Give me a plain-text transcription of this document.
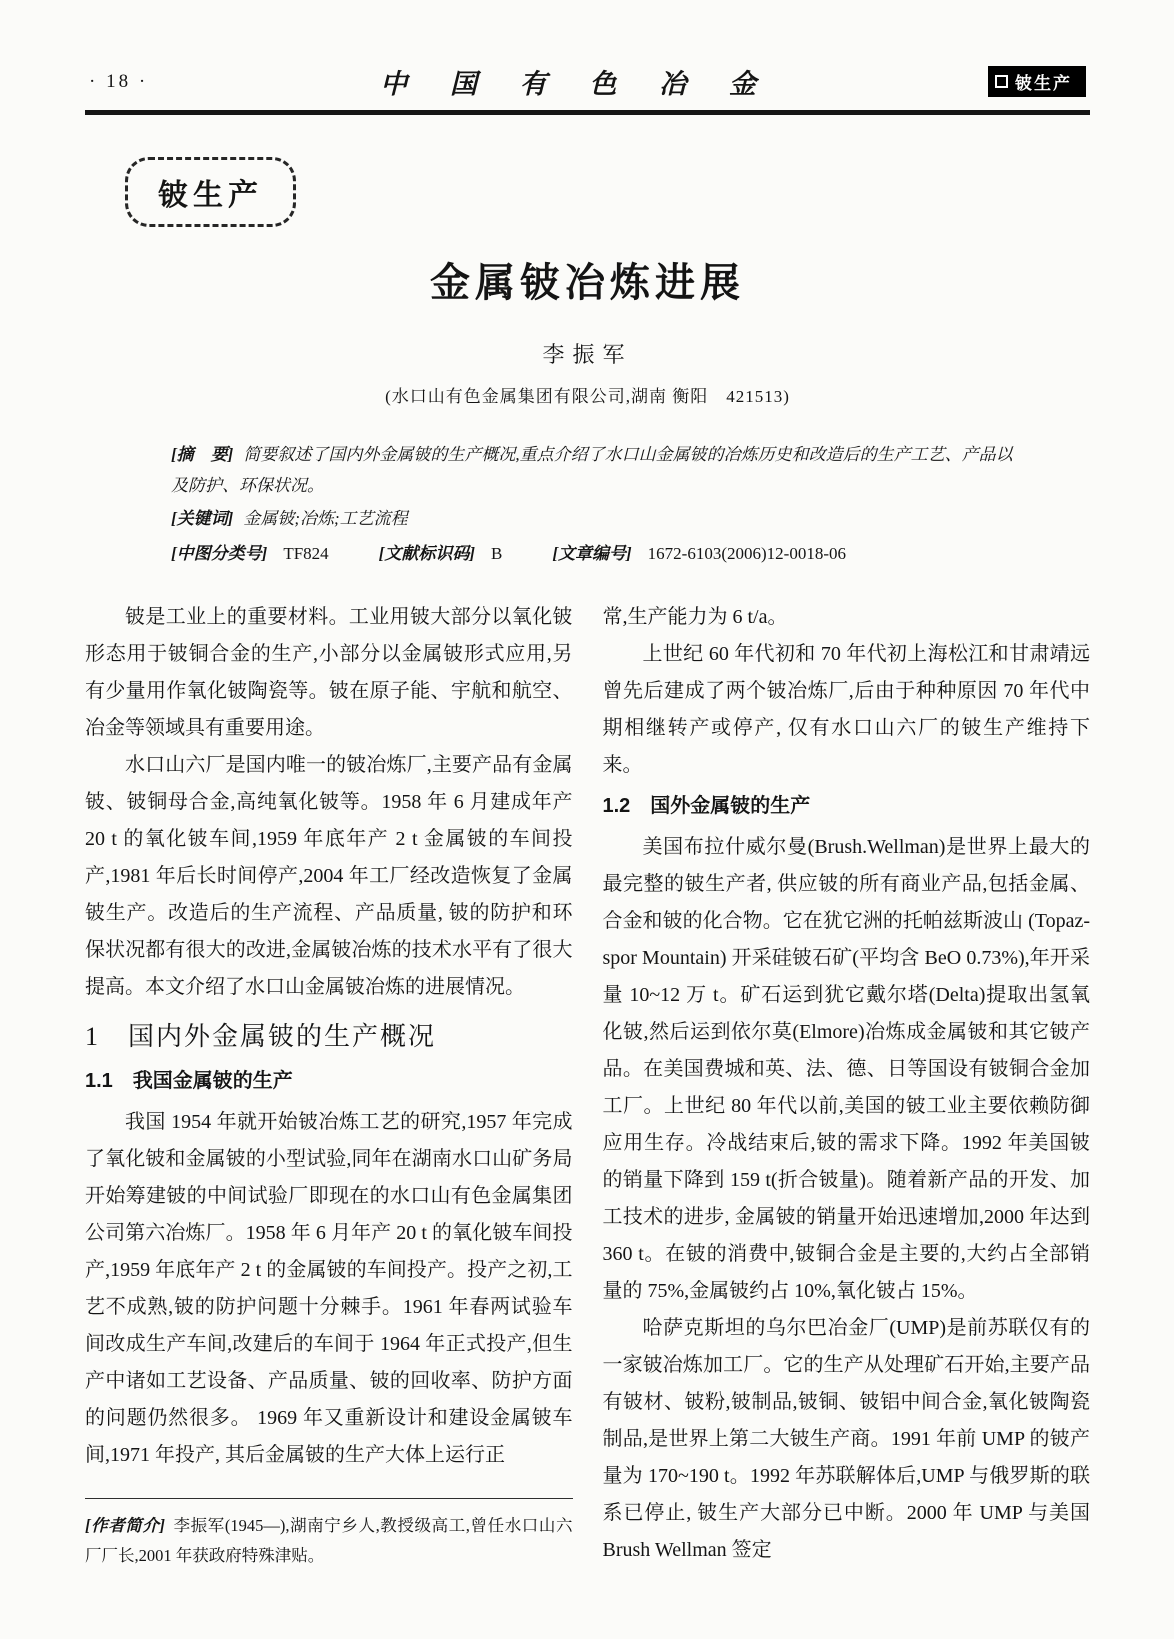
· 18 ·	中 国 有 色 冶 金	铍生产
铍生产
金属铍冶炼进展
李振军
(水口山有色金属集团有限公司,湖南 衡阳　421513)
[摘　要] 简要叙述了国内外金属铍的生产概况,重点介绍了水口山金属铍的冶炼历史和改造后的生产工艺、产品以及防护、环保状况。
[关键词] 金属铍;冶炼;工艺流程
[中图分类号] TF824	[文献标识码] B	[文章编号] 1672-6103(2006)12-0018-06

铍是工业上的重要材料。工业用铍大部分以氧化铍形态用于铍铜合金的生产,小部分以金属铍形式应用,另有少量用作氧化铍陶瓷等。铍在原子能、宇航和航空、冶金等领域具有重要用途。

水口山六厂是国内唯一的铍冶炼厂,主要产品有金属铍、铍铜母合金,高纯氧化铍等。1958 年 6 月建成年产 20 t 的氧化铍车间,1959 年底年产 2 t 金属铍的车间投产,1981 年后长时间停产,2004 年工厂经改造恢复了金属铍生产。改造后的生产流程、产品质量, 铍的防护和环保状况都有很大的改进,金属铍冶炼的技术水平有了很大提高。本文介绍了水口山金属铍冶炼的进展情况。

1　国内外金属铍的生产概况
1.1　我国金属铍的生产

我国 1954 年就开始铍冶炼工艺的研究,1957 年完成了氧化铍和金属铍的小型试验,同年在湖南水口山矿务局开始筹建铍的中间试验厂即现在的水口山有色金属集团公司第六冶炼厂。1958 年 6 月年产 20 t 的氧化铍车间投产,1959 年底年产 2 t 的金属铍的车间投产。投产之初,工艺不成熟,铍的防护问题十分棘手。1961 年春两试验车间改成生产车间,改建后的车间于 1964 年正式投产,但生产中诸如工艺设备、产品质量、铍的回收率、防护方面的问题仍然很多。 1969 年又重新设计和建设金属铍车间,1971 年投产, 其后金属铍的生产大体上运行正

[作者简介] 李振军(1945—),湖南宁乡人,教授级高工,曾任水口山六厂厂长,2001 年获政府特殊津贴。

常,生产能力为 6 t/a。

上世纪 60 年代初和 70 年代初上海松江和甘肃靖远曾先后建成了两个铍冶炼厂,后由于种种原因 70 年代中期相继转产或停产, 仅有水口山六厂的铍生产维持下来。

1.2　国外金属铍的生产

美国布拉什威尔曼(Brush.Wellman)是世界上最大的最完整的铍生产者, 供应铍的所有商业产品,包括金属、合金和铍的化合物。它在犹它洲的托帕兹斯波山 (Topaz-spor Mountain) 开采硅铍石矿(平均含 BeO 0.73%),年开采量 10~12 万 t。矿石运到犹它戴尔塔(Delta)提取出氢氧化铍,然后运到依尔莫(Elmore)冶炼成金属铍和其它铍产品。在美国费城和英、法、德、日等国设有铍铜合金加工厂。上世纪 80 年代以前,美国的铍工业主要依赖防御应用生存。冷战结束后,铍的需求下降。1992 年美国铍的销量下降到 159 t(折合铍量)。随着新产品的开发、加工技术的进步, 金属铍的销量开始迅速增加,2000 年达到 360 t。在铍的消费中,铍铜合金是主要的,大约占全部销量的 75%,金属铍约占 10%,氧化铍占 15%。

哈萨克斯坦的乌尔巴冶金厂(UMP)是前苏联仅有的一家铍冶炼加工厂。它的生产从处理矿石开始,主要产品有铍材、铍粉,铍制品,铍铜、铍铝中间合金,氧化铍陶瓷制品,是世界上第二大铍生产商。1991 年前 UMP 的铍产量为 170~190 t。1992 年苏联解体后,UMP 与俄罗斯的联系已停止, 铍生产大部分已中断。2000 年 UMP 与美国 Brush Wellman 签定
